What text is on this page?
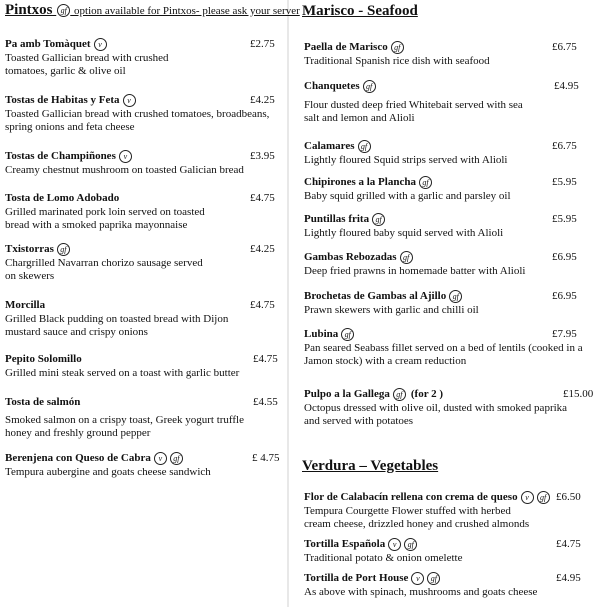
Pintxos gf option available for Pintxos- please ask your server
Pa amb Tomàquet v	£2.75
Toasted Gallician bread with crushed tomatoes, garlic & olive oil
Tostas de Habitas y Feta v	£4.25
Toasted Gallician bread with crushed tomatoes, broadbeans, spring onions and feta cheese
Tostas de Champiñones v	£3.95
Creamy chestnut mushroom on toasted Galician bread
Tosta de Lomo Adobado	£4.75
Grilled marinated pork loin served on toasted bread with a smoked paprika mayonnaise
Txistorras gf	£4.25
Chargrilled Navarran chorizo sausage served on skewers
Morcilla	£4.75
Grilled Black pudding on toasted bread with Dijon mustard sauce and crispy onions
Pepito Solomillo	£4.75
Grilled mini steak served on a toast with garlic butter
Tosta de salmón	£4.55
Smoked salmon on a crispy toast, Greek yogurt truffle honey and freshly ground pepper
Berenjena con Queso de Cabra v	gf	£ 4.75
Tempura aubergine and goats cheese sandwich
Marisco - Seafood
Paella de Marisco gf	£6.75
Traditional Spanish rice dish with seafood
Chanquetes gf	£4.95
Flour dusted deep fried Whitebait served with sea salt and lemon and Alioli
Calamares gf	£6.75
Lightly floured Squid strips served with Alioli
Chipirones a la Plancha gf	£5.95
Baby squid grilled with a garlic and parsley oil
Puntillas frita gf	£5.95
Lightly floured baby squid served with Alioli
Gambas Rebozadas gf	£6.95
Deep fried prawns in homemade batter with Alioli
Brochetas de Gambas al Ajillo gf	£6.95
Prawn skewers with garlic and chilli oil
Lubina gf	£7.95
Pan seared Seabass fillet served on a bed of lentils (cooked in a Jamon stock) with a cream reduction
Pulpo a la Gallega gf (for 2 )	£15.00
Octopus dressed with olive oil, dusted with smoked paprika and served with potatoes
Verdura – Vegetables
Flor de Calabacín rellena con crema de queso v	gf £6.50
Tempura Courgette Flower stuffed with herbed cream cheese, drizzled honey and crushed almonds
Tortilla Española v	gf	£4.75
Traditional potato & onion omelette
Tortilla de Port House v	gf	£4.95
As above with spinach, mushrooms and goats cheese
